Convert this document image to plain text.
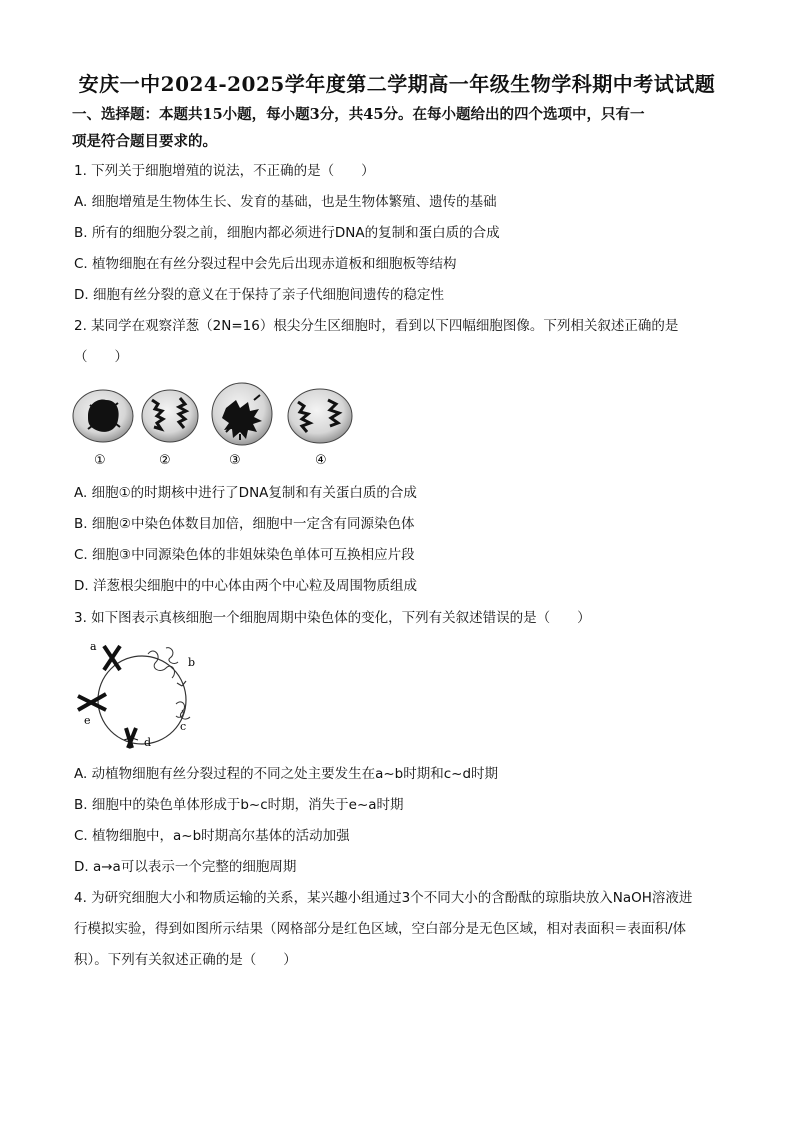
安庆一中2024-2025学年度第二学期高一年级生物学科期中考试试题
一、选择题：本题共15小题，每小题3分，共45分。在每小题给出的四个选项中，只有一
项是符合题目要求的。
1. 下列关于细胞增殖的说法，不正确的是（　　）
A. 细胞增殖是生物体生长、发育的基础，也是生物体繁殖、遗传的基础
B. 所有的细胞分裂之前，细胞内都必须进行DNA的复制和蛋白质的合成
C. 植物细胞在有丝分裂过程中会先后出现赤道板和细胞板等结构
D. 细胞有丝分裂的意义在于保持了亲子代细胞间遗传的稳定性
2. 某同学在观察洋葱（2N=16）根尖分生区细胞时，看到以下四幅细胞图像。下列相关叙述正确的是
（　　）
①	②	③	④
A. 细胞①的时期核中进行了DNA复制和有关蛋白质的合成
B. 细胞②中染色体数目加倍，细胞中一定含有同源染色体
C. 细胞③中同源染色体的非姐妹染色单体可互换相应片段
D. 洋葱根尖细胞中的中心体由两个中心粒及周围物质组成
3. 如下图表示真核细胞一个细胞周期中染色体的变化，下列有关叙述错误的是（　　）
a
b
c
d
e
A. 动植物细胞有丝分裂过程的不同之处主要发生在a~b时期和c~d时期
B. 细胞中的染色单体形成于b~c时期，消失于e~a时期
C. 植物细胞中，a~b时期高尔基体的活动加强
D. a→a可以表示一个完整的细胞周期
4. 为研究细胞大小和物质运输的关系，某兴趣小组通过3个不同大小的含酚酞的琼脂块放入NaOH溶液进
行模拟实验，得到如图所示结果（网格部分是红色区域，空白部分是无色区域，相对表面积＝表面积/体
积）。下列有关叙述正确的是（　　）
